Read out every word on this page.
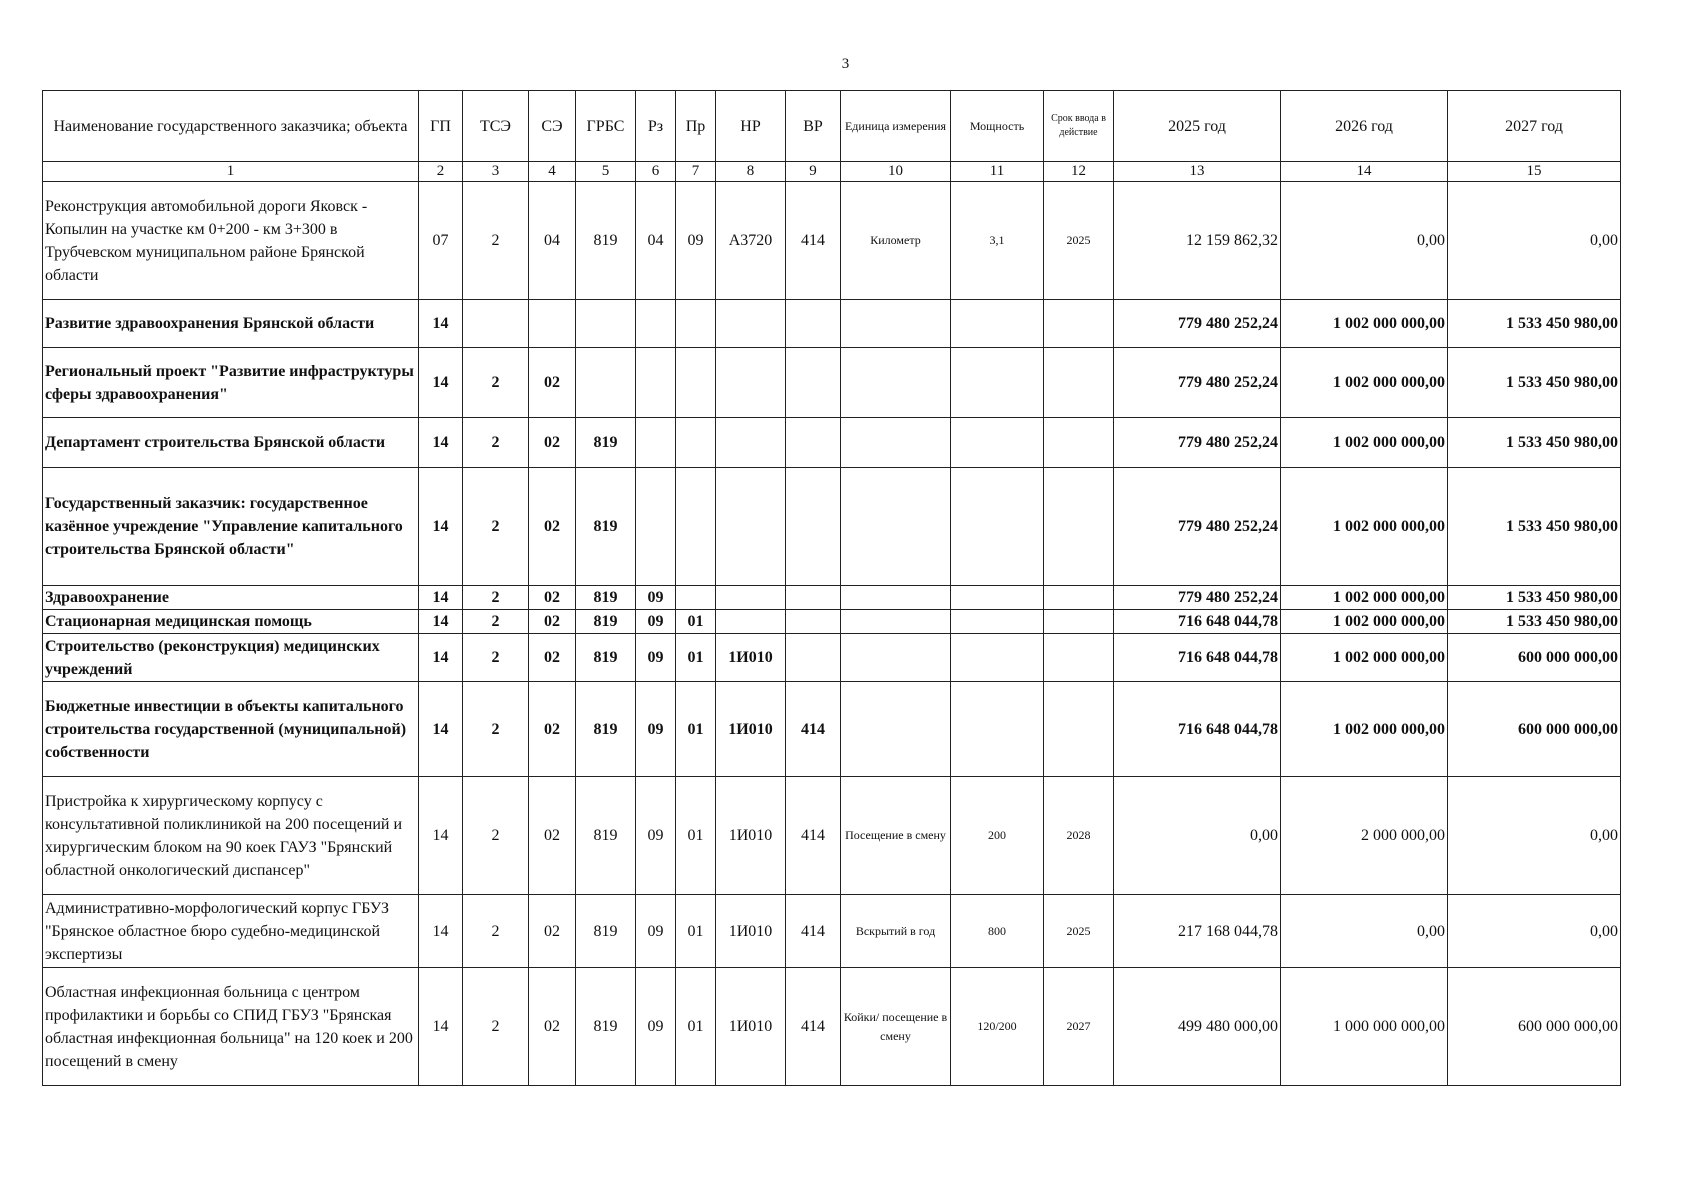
3
Наименование государственного заказчика; объекта	ГП	ТСЭ	СЭ	ГРБС	Рз	Пр	НР	ВР	Единица измерения	Мощность	Срок ввода в действие	2025 год	2026 год	2027 год
1	2	3	4	5	6	7	8	9	10	11	12	13	14	15
Реконструкция автомобильной дороги Яковск - Копылин на участке км 0+200 - км 3+300 в Трубчевском муниципальном районе Брянской области	07	2	04	819	04	09	А3720	414	Километр	3,1	2025	12 159 862,32	0,00	0,00
Развитие здравоохранения Брянской области	14											779 480 252,24	1 002 000 000,00	1 533 450 980,00
Региональный проект "Развитие инфраструктуры сферы здравоохранения"	14	2	02									779 480 252,24	1 002 000 000,00	1 533 450 980,00
Департамент строительства Брянской области	14	2	02	819								779 480 252,24	1 002 000 000,00	1 533 450 980,00
Государственный заказчик: государственное казённое учреждение "Управление капитального строительства Брянской области"	14	2	02	819								779 480 252,24	1 002 000 000,00	1 533 450 980,00
Здравоохранение	14	2	02	819	09							779 480 252,24	1 002 000 000,00	1 533 450 980,00
Стационарная медицинская помощь	14	2	02	819	09	01						716 648 044,78	1 002 000 000,00	1 533 450 980,00
Строительство (реконструкция) медицинских учреждений	14	2	02	819	09	01	1И010					716 648 044,78	1 002 000 000,00	600 000 000,00
Бюджетные инвестиции в объекты капитального строительства государственной (муниципальной) собственности	14	2	02	819	09	01	1И010	414				716 648 044,78	1 002 000 000,00	600 000 000,00
Пристройка к хирургическому корпусу с консультативной поликлиникой на 200 посещений и хирургическим блоком на 90 коек ГАУЗ "Брянский областной онкологический диспансер"	14	2	02	819	09	01	1И010	414	Посещение в смену	200	2028	0,00	2 000 000,00	0,00
Административно-морфологический корпус ГБУЗ "Брянское областное бюро судебно-медицинской экспертизы	14	2	02	819	09	01	1И010	414	Вскрытий в год	800	2025	217 168 044,78	0,00	0,00
Областная инфекционная больница с центром профилактики и борьбы со СПИД ГБУЗ "Брянская областная инфекционная больница" на 120 коек и 200 посещений в смену	14	2	02	819	09	01	1И010	414	Койки/ посещение в смену	120/200	2027	499 480 000,00	1 000 000 000,00	600 000 000,00
